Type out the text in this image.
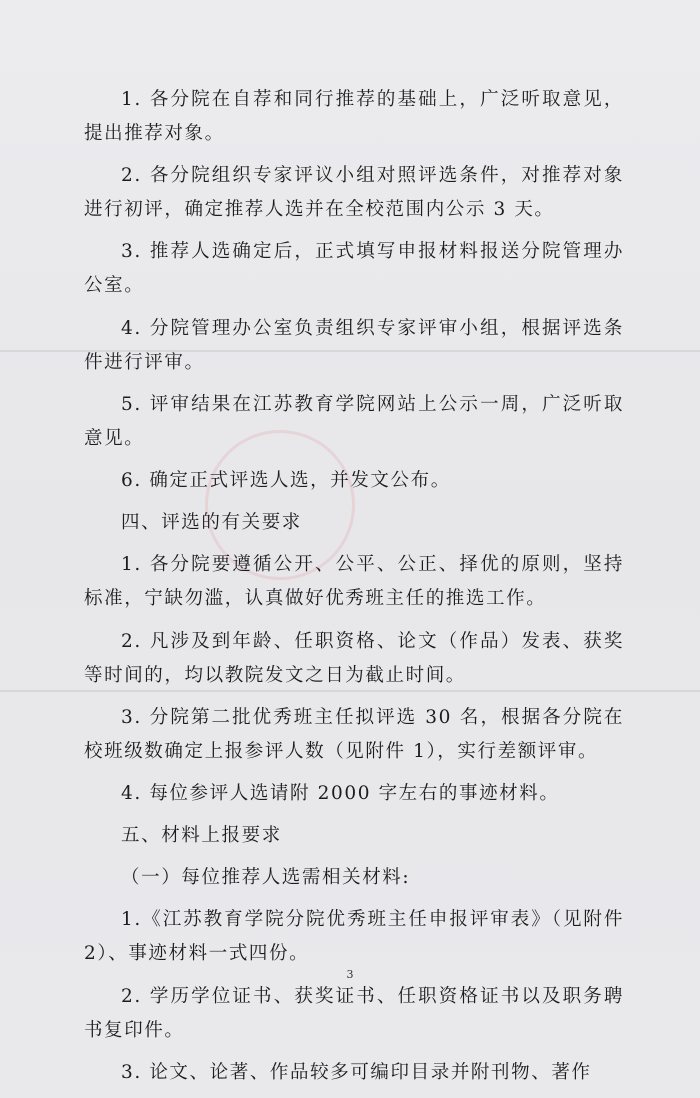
1. 各分院在自荐和同行推荐的基础上，广泛听取意见，提出推荐对象。

2. 各分院组织专家评议小组对照评选条件，对推荐对象进行初评，确定推荐人选并在全校范围内公示 3 天。

3. 推荐人选确定后，正式填写申报材料报送分院管理办公室。

4. 分院管理办公室负责组织专家评审小组，根据评选条件进行评审。

5. 评审结果在江苏教育学院网站上公示一周，广泛听取意见。

6. 确定正式评选人选，并发文公布。

四、评选的有关要求

1. 各分院要遵循公开、公平、公正、择优的原则，坚持标准，宁缺勿滥，认真做好优秀班主任的推选工作。

2. 凡涉及到年龄、任职资格、论文（作品）发表、获奖等时间的，均以教院发文之日为截止时间。

3. 分院第二批优秀班主任拟评选 30 名，根据各分院在校班级数确定上报参评人数（见附件 1），实行差额评审。

4. 每位参评人选请附 2000 字左右的事迹材料。

五、材料上报要求

（一）每位推荐人选需相关材料:

1.《江苏教育学院分院优秀班主任申报评审表》（见附件 2）、事迹材料一式四份。

2. 学历学位证书、获奖证书、任职资格证书以及职务聘书复印件。

3. 论文、论著、作品较多可编印目录并附刊物、著作

3
